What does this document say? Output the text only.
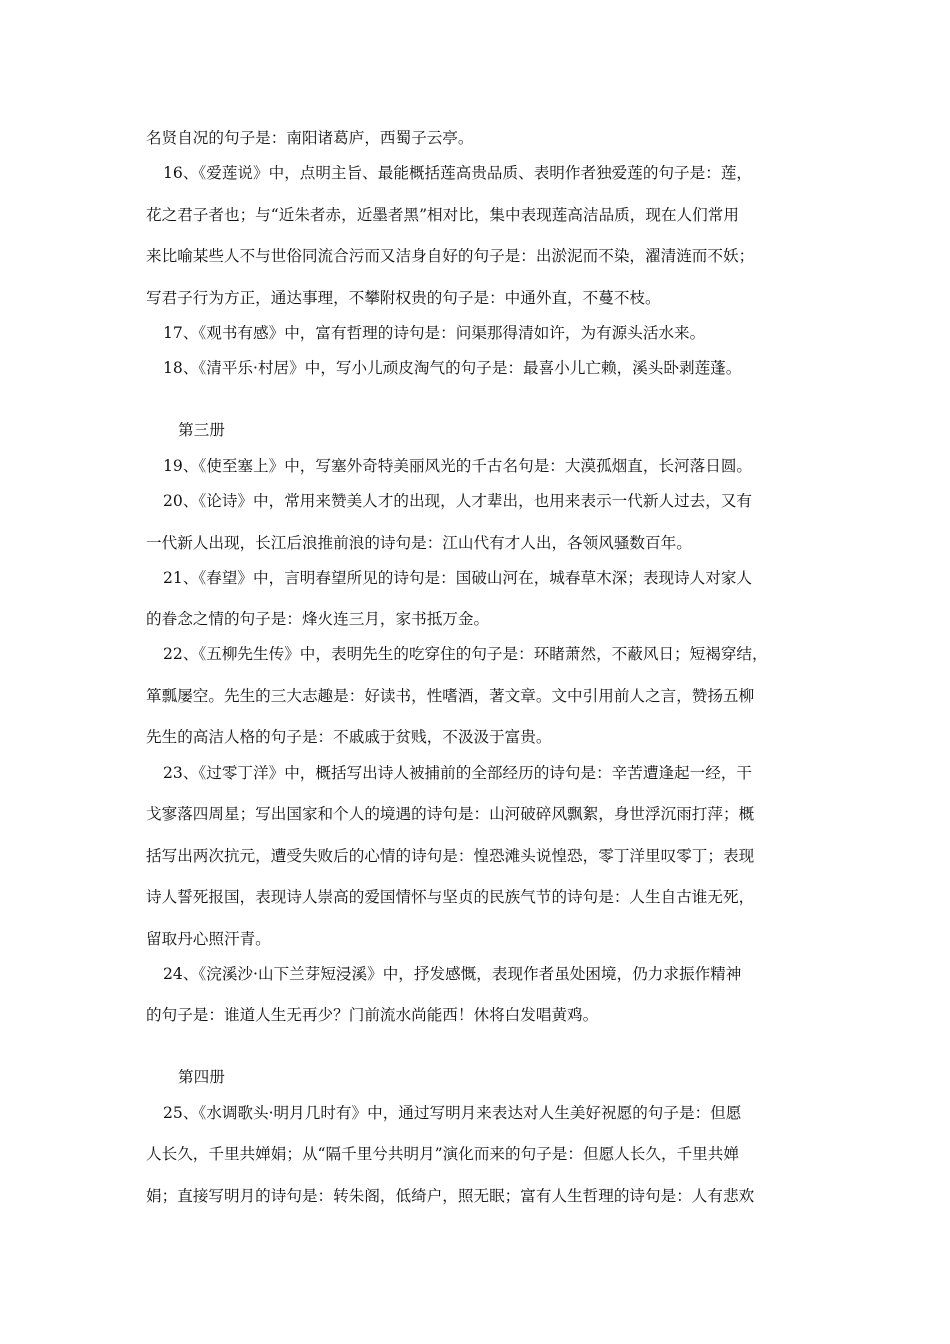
名贤自况的句子是：南阳诸葛庐，西蜀子云亭。
16、《爱莲说》中，点明主旨、最能概括莲高贵品质、表明作者独爱莲的句子是：莲，
花之君子者也；与“近朱者赤，近墨者黑”相对比，集中表现莲高洁品质，现在人们常用
来比喻某些人不与世俗同流合污而又洁身自好的句子是：出淤泥而不染，濯清涟而不妖；
写君子行为方正，通达事理，不攀附权贵的句子是：中通外直，不蔓不枝。
17、《观书有感》中，富有哲理的诗句是：问渠那得清如许，为有源头活水来。
18、《清平乐·村居》中，写小儿顽皮淘气的句子是：最喜小儿亡赖，溪头卧剥莲蓬。
第三册
19、《使至塞上》中，写塞外奇特美丽风光的千古名句是：大漠孤烟直，长河落日圆。
20、《论诗》中，常用来赞美人才的出现，人才辈出，也用来表示一代新人过去，又有
一代新人出现，长江后浪推前浪的诗句是：江山代有才人出，各领风骚数百年。
21、《春望》中，言明春望所见的诗句是：国破山河在，城春草木深；表现诗人对家人
的眷念之情的句子是：烽火连三月，家书抵万金。
22、《五柳先生传》中，表明先生的吃穿住的句子是：环睹萧然，不蔽风日；短褐穿结，
箪瓢屡空。先生的三大志趣是：好读书，性嗜酒，著文章。文中引用前人之言，赞扬五柳
先生的高洁人格的句子是：不戚戚于贫贱，不汲汲于富贵。
23、《过零丁洋》中，概括写出诗人被捕前的全部经历的诗句是：辛苦遭逢起一经，干
戈寥落四周星；写出国家和个人的境遇的诗句是：山河破碎风飘絮，身世浮沉雨打萍；概
括写出两次抗元，遭受失败后的心情的诗句是：惶恐滩头说惶恐，零丁洋里叹零丁；表现
诗人誓死报国，表现诗人崇高的爱国情怀与坚贞的民族气节的诗句是：人生自古谁无死，
留取丹心照汗青。
24、《浣溪沙·山下兰芽短浸溪》中，抒发感慨，表现作者虽处困境，仍力求振作精神
的句子是：谁道人生无再少？门前流水尚能西！休将白发唱黄鸡。
第四册
25、《水调歌头·明月几时有》中，通过写明月来表达对人生美好祝愿的句子是：但愿
人长久，千里共婵娟；从“隔千里兮共明月”演化而来的句子是：但愿人长久，千里共婵
娟；直接写明月的诗句是：转朱阁，低绮户，照无眠；富有人生哲理的诗句是：人有悲欢
